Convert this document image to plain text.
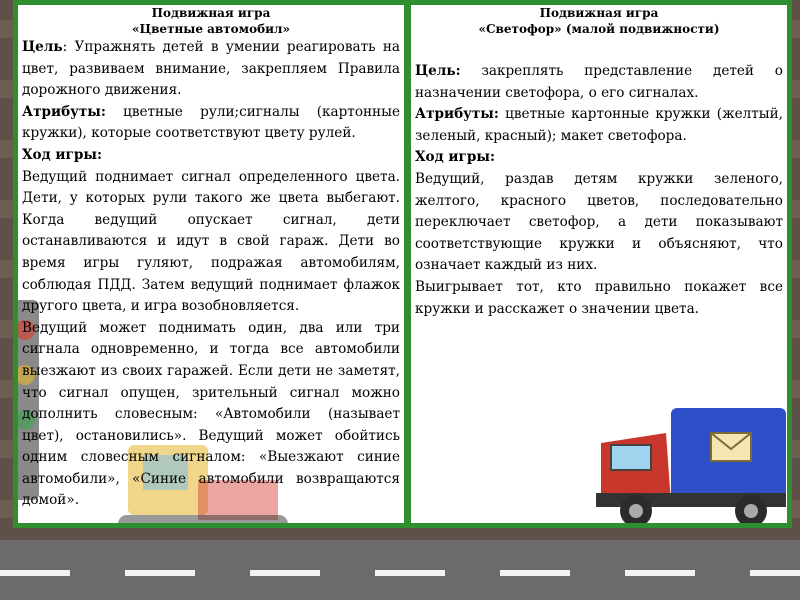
Подвижная игра
«Цветные автомобил»

Цель: Упражнять детей в умении реагировать на цвет, развиваем внимание, закрепляем Правила дорожного движения.

Атрибуты: цветные рули;сигналы (картонные кружки), которые соответствуют цвету рулей.

Ход игры:

Ведущий поднимает сигнал определенного цвета. Дети, у которых рули такого же цвета выбегают. Когда ведущий опускает сигнал, дети останавливаются и идут в свой гараж. Дети во время игры гуляют, подражая автомобилям, соблюдая ПДД. Затем ведущий поднимает флажок другого цвета, и игра возобновляется.

Ведущий может поднимать один, два или три сигнала одновременно, и тогда все автомобили выезжают из своих гаражей. Если дети не заметят, что сигнал опущен, зрительный сигнал можно дополнить словесным: «Автомобили (называет цвет), остановились». Ведущий может обойтись одним словесным сигналом: «Выезжают синие автомобили», «Синие автомобили возвращаются домой».

Подвижная игра
«Светофор» (малой подвижности)

Цель: закреплять представление детей о назначении светофора, о его сигналах.

Атрибуты: цветные картонные кружки (желтый, зеленый, красный); макет светофора.

Ход игры:

Ведущий, раздав детям кружки зеленого, желтого, красного цветов, последовательно переключает светофор, а дети показывают соответствующие кружки и объясняют, что означает каждый из них.

Выигрывает тот, кто правильно покажет все кружки и расскажет о значении цвета.
